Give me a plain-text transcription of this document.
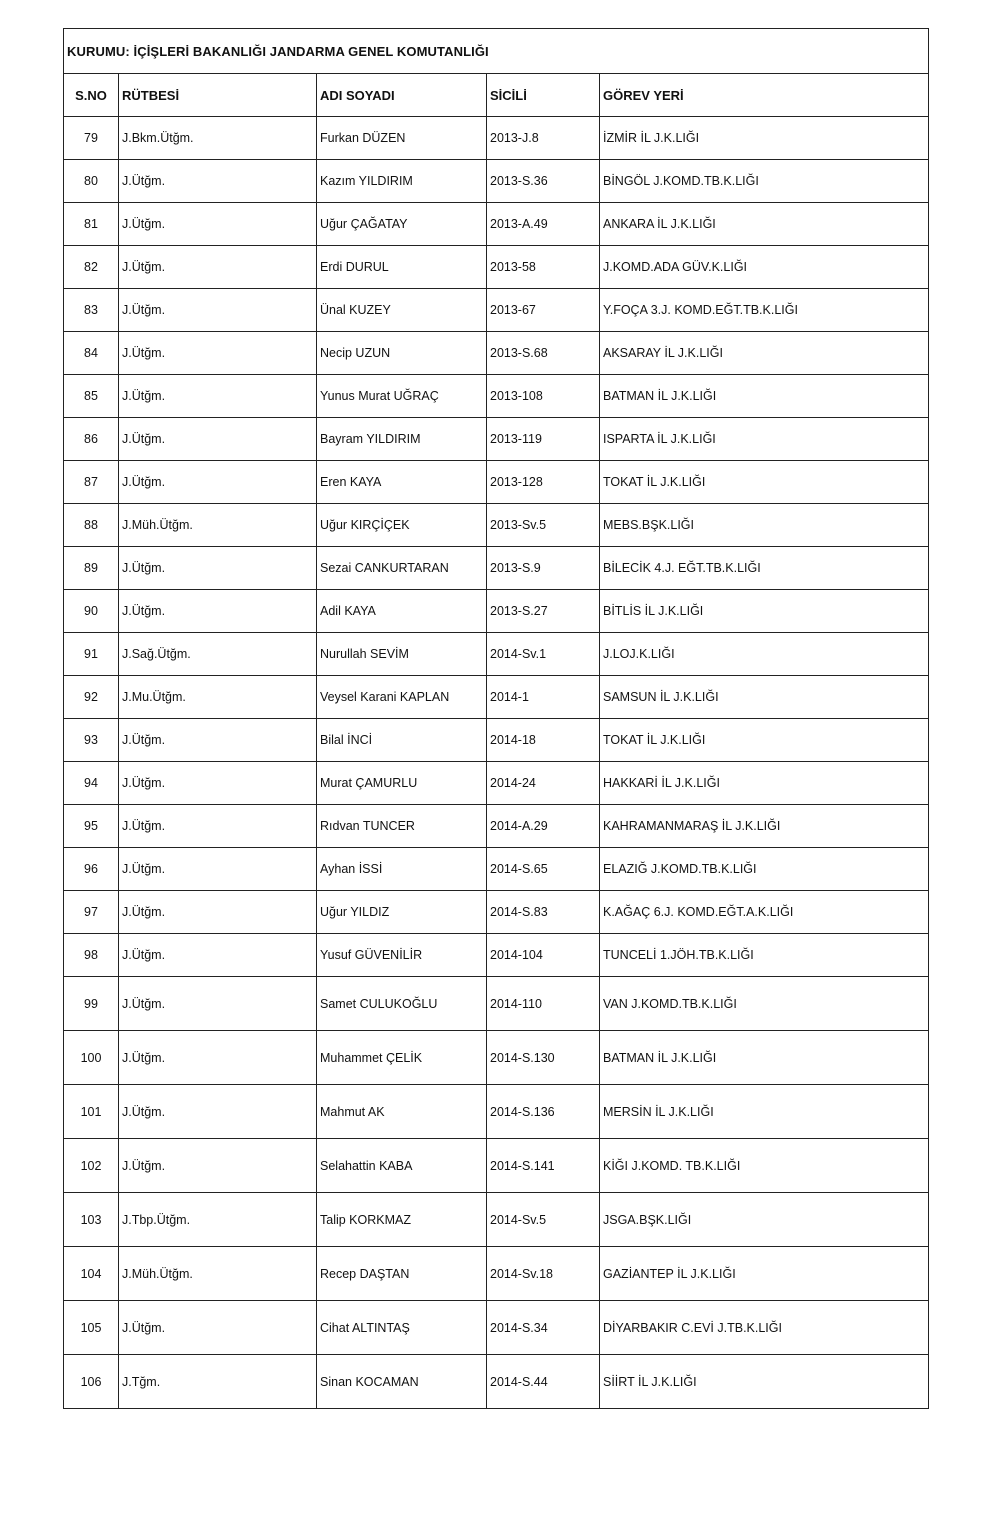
KURUMU: İÇİŞLERİ BAKANLIĞI JANDARMA GENEL KOMUTANLIĞI				
S.NO	RÜTBESİ	ADI SOYADI	SİCİLİ	GÖREV YERİ
79	J.Bkm.Ütğm.	Furkan DÜZEN	2013-J.8	İZMİR İL J.K.LIĞI
80	J.Ütğm.	Kazım YILDIRIM	2013-S.36	BİNGÖL J.KOMD.TB.K.LIĞI
81	J.Ütğm.	Uğur ÇAĞATAY	2013-A.49	ANKARA İL J.K.LIĞI
82	J.Ütğm.	Erdi DURUL	2013-58	J.KOMD.ADA GÜV.K.LIĞI
83	J.Ütğm.	Ünal KUZEY	2013-67	Y.FOÇA 3.J. KOMD.EĞT.TB.K.LIĞI
84	J.Ütğm.	Necip UZUN	2013-S.68	AKSARAY İL J.K.LIĞI
85	J.Ütğm.	Yunus Murat UĞRAÇ	2013-108	BATMAN İL J.K.LIĞI
86	J.Ütğm.	Bayram YILDIRIM	2013-119	ISPARTA İL J.K.LIĞI
87	J.Ütğm.	Eren KAYA	2013-128	TOKAT İL J.K.LIĞI
88	J.Müh.Ütğm.	Uğur KIRÇİÇEK	2013-Sv.5	MEBS.BŞK.LIĞI
89	J.Ütğm.	Sezai CANKURTARAN	2013-S.9	BİLECİK 4.J. EĞT.TB.K.LIĞI
90	J.Ütğm.	Adil KAYA	2013-S.27	BİTLİS İL J.K.LIĞI
91	J.Sağ.Ütğm.	Nurullah SEVİM	2014-Sv.1	J.LOJ.K.LIĞI
92	J.Mu.Ütğm.	Veysel Karani KAPLAN	2014-1	SAMSUN İL J.K.LIĞI
93	J.Ütğm.	Bilal İNCİ	2014-18	TOKAT İL J.K.LIĞI
94	J.Ütğm.	Murat ÇAMURLU	2014-24	HAKKARİ İL J.K.LIĞI
95	J.Ütğm.	Rıdvan TUNCER	2014-A.29	KAHRAMANMARAŞ İL J.K.LIĞI
96	J.Ütğm.	Ayhan İSSİ	2014-S.65	ELAZIĞ J.KOMD.TB.K.LIĞI
97	J.Ütğm.	Uğur YILDIZ	2014-S.83	K.AĞAÇ 6.J. KOMD.EĞT.A.K.LIĞI
98	J.Ütğm.	Yusuf GÜVENİLİR	2014-104	TUNCELİ 1.JÖH.TB.K.LIĞI
99	J.Ütğm.	Samet CULUKOĞLU	2014-110	VAN J.KOMD.TB.K.LIĞI
100	J.Ütğm.	Muhammet ÇELİK	2014-S.130	BATMAN İL J.K.LIĞI
101	J.Ütğm.	Mahmut AK	2014-S.136	MERSİN İL J.K.LIĞI
102	J.Ütğm.	Selahattin KABA	2014-S.141	KİĞI J.KOMD. TB.K.LIĞI
103	J.Tbp.Ütğm.	Talip KORKMAZ	2014-Sv.5	JSGA.BŞK.LIĞI
104	J.Müh.Ütğm.	Recep DAŞTAN	2014-Sv.18	GAZİANTEP İL J.K.LIĞI
105	J.Ütğm.	Cihat ALTINTAŞ	2014-S.34	DİYARBAKIR C.EVİ J.TB.K.LIĞI
106	J.Tğm.	Sinan KOCAMAN	2014-S.44	SİİRT İL J.K.LIĞI
